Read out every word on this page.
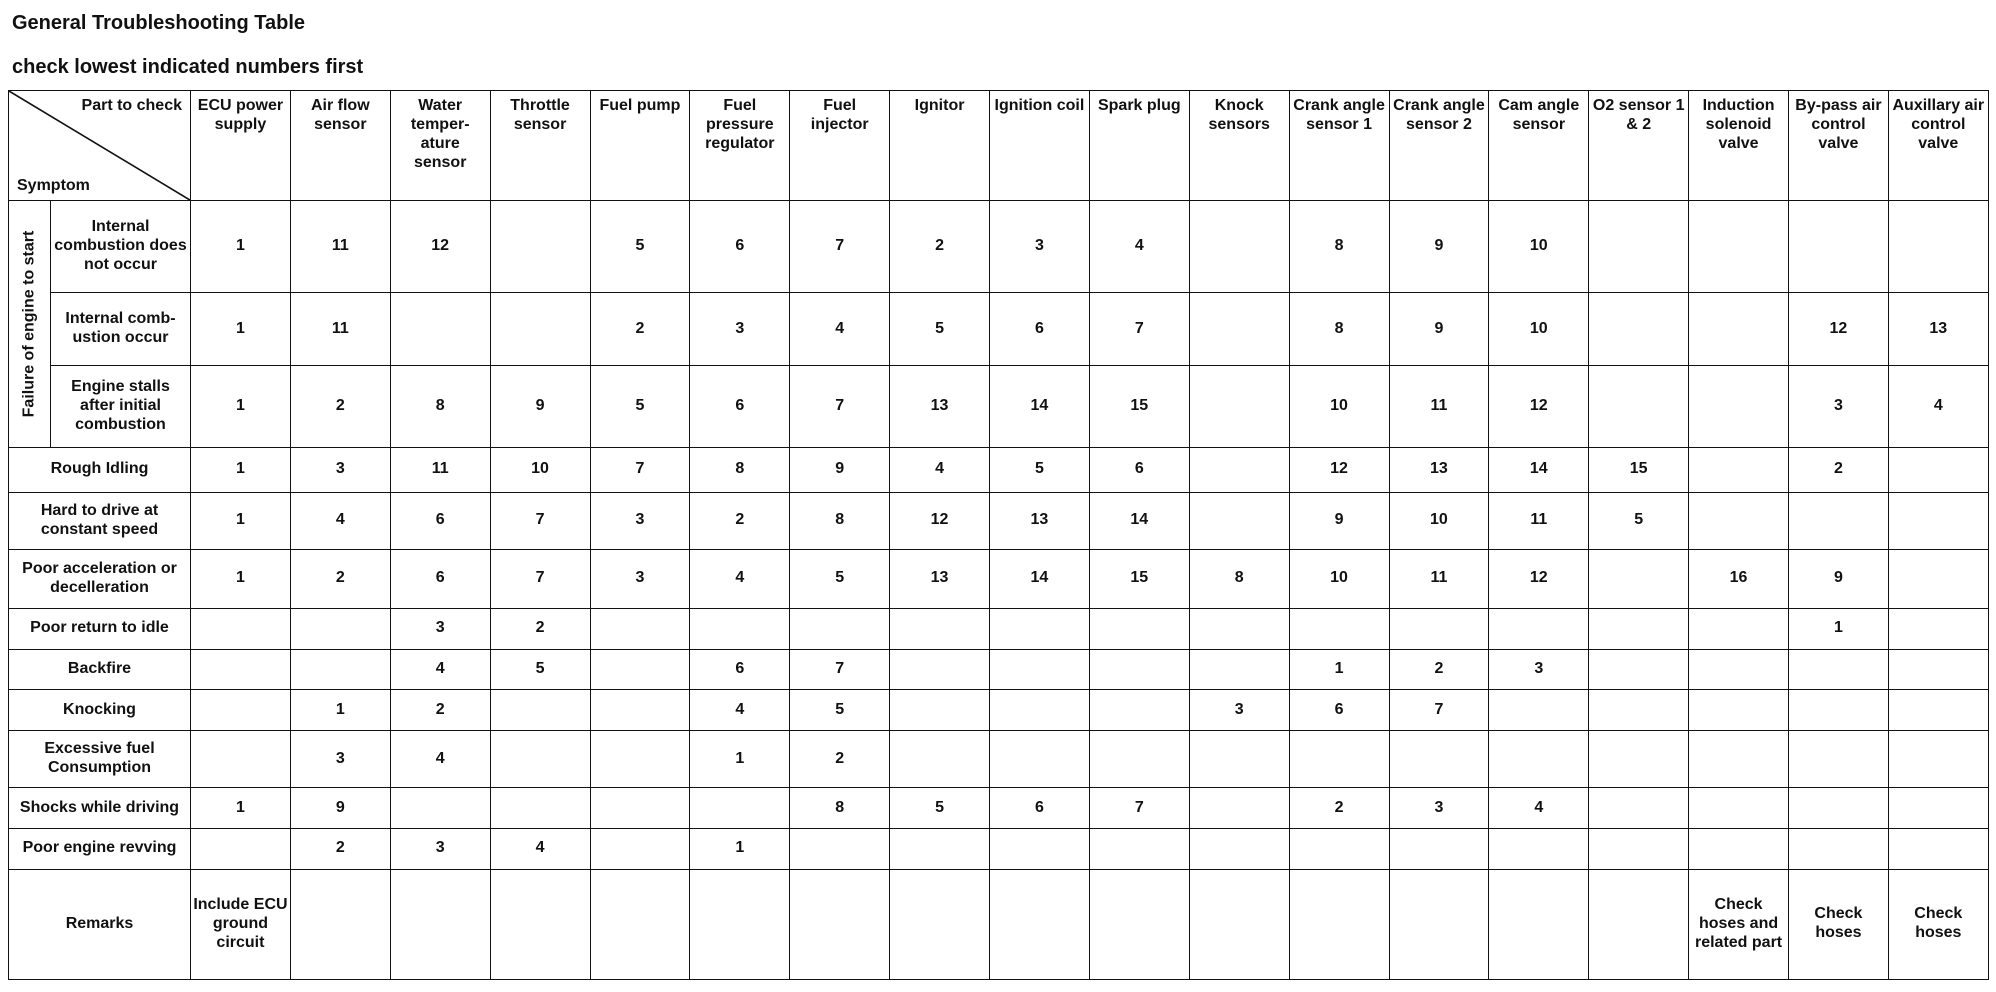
General Troubleshooting Table
check lowest indicated numbers first
Part to check
Symptom		ECU power supply	Air flow sensor	Water temper-ature sensor	Throttle sensor	Fuel pump	Fuel pressure regulator	Fuel injector	Ignitor	Ignition coil	Spark plug	Knock sensors	Crank angle sensor 1	Crank angle sensor 2	Cam angle sensor	O2 sensor 1 & 2	Induction solenoid valve	By-pass air control valve	Auxillary air control valve

Failure of engine to start	Internal combustion does not occur	1	11	12		5	6	7	2	3	4		8	9	10				
	Internal comb-ustion occur	1	11			2	3	4	5	6	7		8	9	10			12	13
	Engine stalls after initial combustion	1	2	8	9	5	6	7	13	14	15		10	11	12			3	4
Rough Idling		1	3	11	10	7	8	9	4	5	6		12	13	14	15		2	
Hard to drive at constant speed		1	4	6	7	3	2	8	12	13	14		9	10	11	5			
Poor acceleration or decelleration		1	2	6	7	3	4	5	13	14	15	8	10	11	12		16	9	
Poor return to idle				3	2													1	
Backfire				4	5		6	7					1	2	3				
Knocking			1	2			4	5				3	6	7					
Excessive fuel Consumption			3	4			1	2											
Shocks while driving		1	9					8	5	6	7		2	3	4				
Poor engine revving			2	3	4		1												
Remarks		Include ECU ground circuit															Check hoses and related part	Check hoses	Check hoses
